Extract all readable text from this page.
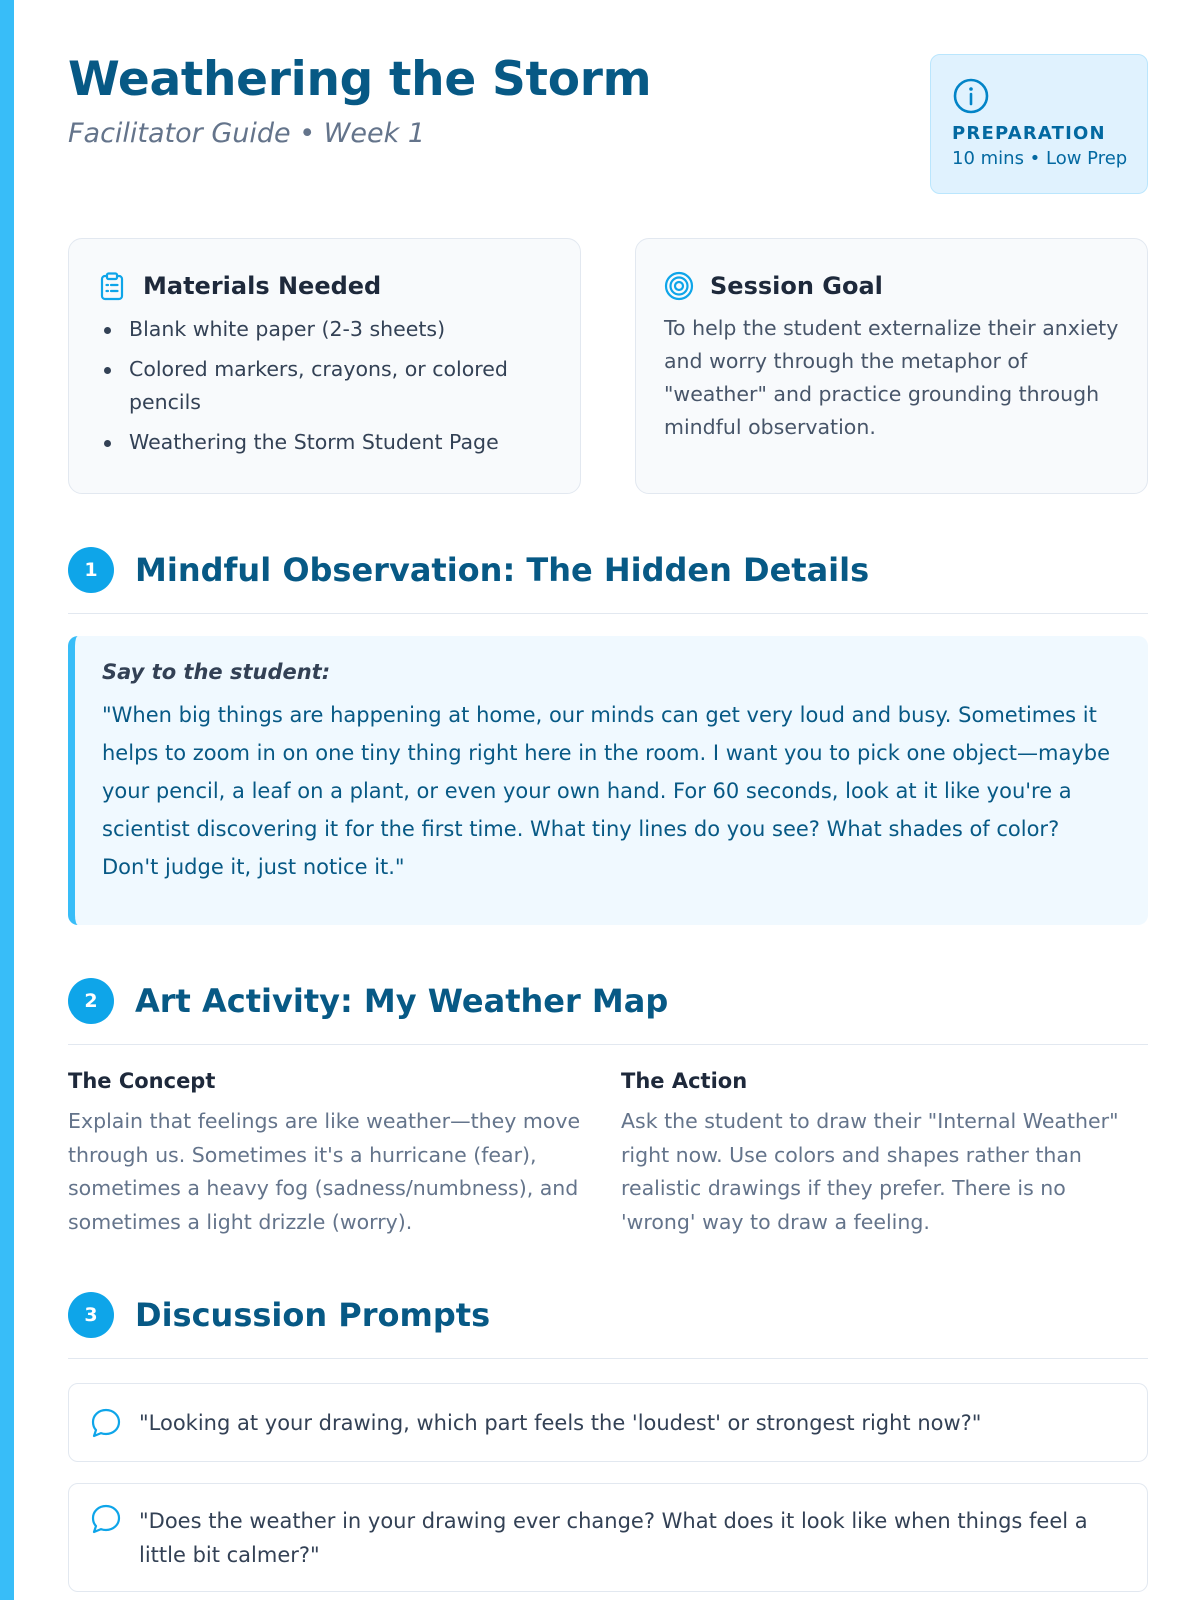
Weathering the Storm
Facilitator Guide • Week 1	PREPARATION
10 mins • Low Prep
Materials Needed
Blank white paper (2-3 sheets)
Colored markers, crayons, or colored pencils
Weathering the Storm Student Page
Session Goal
To help the student externalize their anxiety and worry through the metaphor of "weather" and practice grounding through mindful observation.
1	Mindful Observation: The Hidden Details
Say to the student:
"When big things are happening at home, our minds can get very loud and busy. Sometimes it helps to zoom in on one tiny thing right here in the room. I want you to pick one object—maybe your pencil, a leaf on a plant, or even your own hand. For 60 seconds, look at it like you're a scientist discovering it for the first time. What tiny lines do you see? What shades of color? Don't judge it, just notice it."
2	Art Activity: My Weather Map
The Concept
Explain that feelings are like weather—they move through us. Sometimes it's a hurricane (fear), sometimes a heavy fog (sadness/numbness), and sometimes a light drizzle (worry).
The Action
Ask the student to draw their "Internal Weather" right now. Use colors and shapes rather than realistic drawings if they prefer. There is no 'wrong' way to draw a feeling.
3	Discussion Prompts
"Looking at your drawing, which part feels the 'loudest' or strongest right now?"
"Does the weather in your drawing ever change? What does it look like when things feel a little bit calmer?"
